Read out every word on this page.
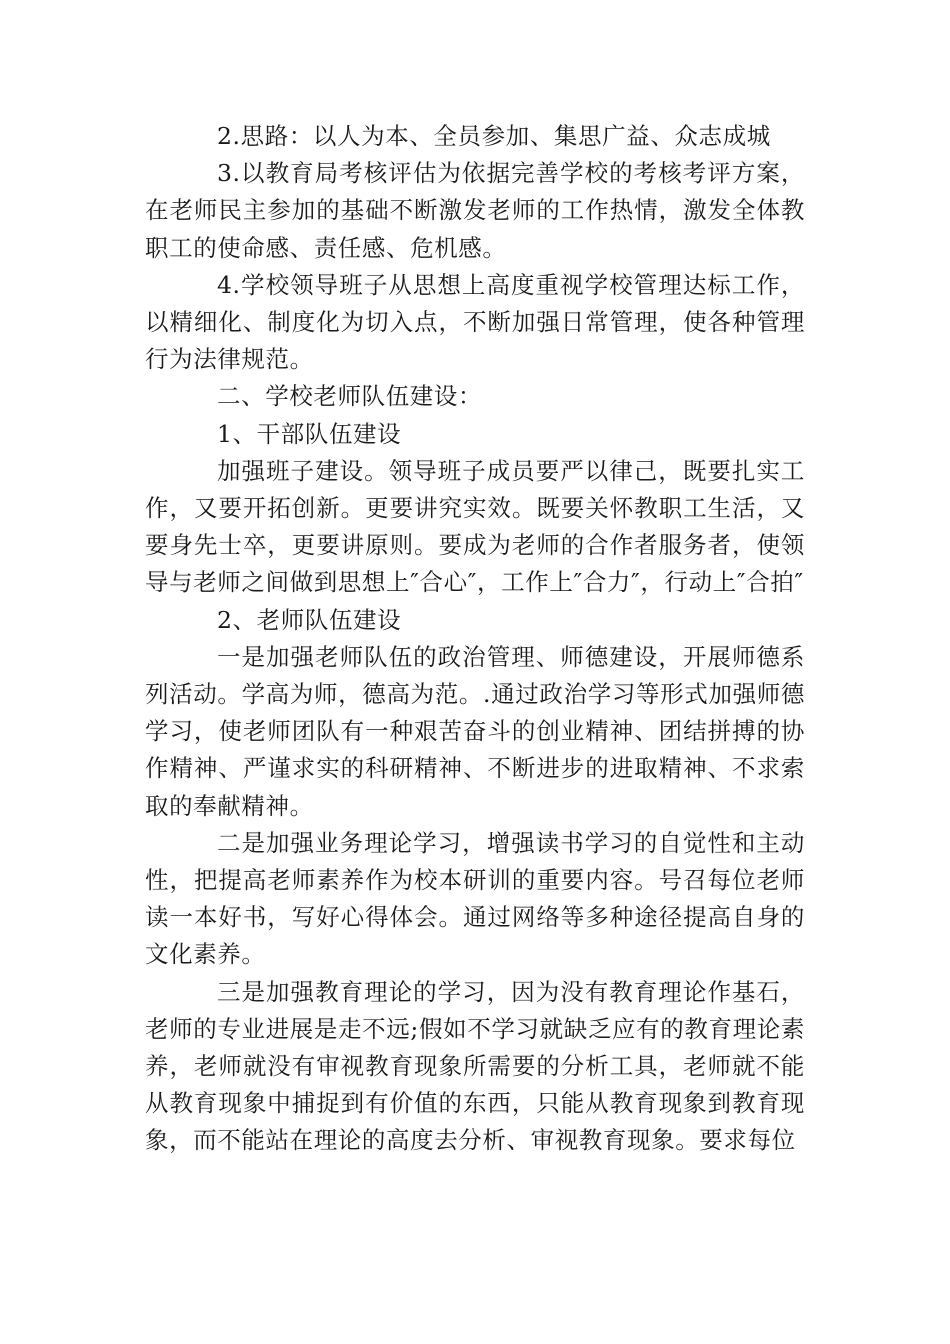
2.思路：以人为本、全员参加、集思广益、众志成城

3.以教育局考核评估为依据完善学校的考核考评方案，在老师民主参加的基础不断激发老师的工作热情，激发全体教职工的使命感、责任感、危机感。

4.学校领导班子从思想上高度重视学校管理达标工作，以精细化、制度化为切入点，不断加强日常管理，使各种管理行为法律规范。

二、学校老师队伍建设：

1、干部队伍建设

加强班子建设。领导班子成员要严以律己，既要扎实工作，又要开拓创新。更要讲究实效。既要关怀教职工生活，又要身先士卒，更要讲原则。要成为老师的合作者服务者，使领导与老师之间做到思想上″合心″，工作上″合力″，行动上″合拍″

2、老师队伍建设

一是加强老师队伍的政治管理、师德建设，开展师德系列活动。学高为师，德高为范。.通过政治学习等形式加强师德学习，使老师团队有一种艰苦奋斗的创业精神、团结拼搏的协作精神、严谨求实的科研精神、不断进步的进取精神、不求索取的奉献精神。

二是加强业务理论学习，增强读书学习的自觉性和主动性，把提高老师素养作为校本研训的重要内容。号召每位老师读一本好书，写好心得体会。通过网络等多种途径提高自身的文化素养。

三是加强教育理论的学习，因为没有教育理论作基石，老师的专业进展是走不远;假如不学习就缺乏应有的教育理论素养，老师就没有审视教育现象所需要的分析工具，老师就不能从教育现象中捕捉到有价值的东西，只能从教育现象到教育现象，而不能站在理论的高度去分析、审视教育现象。要求每位
